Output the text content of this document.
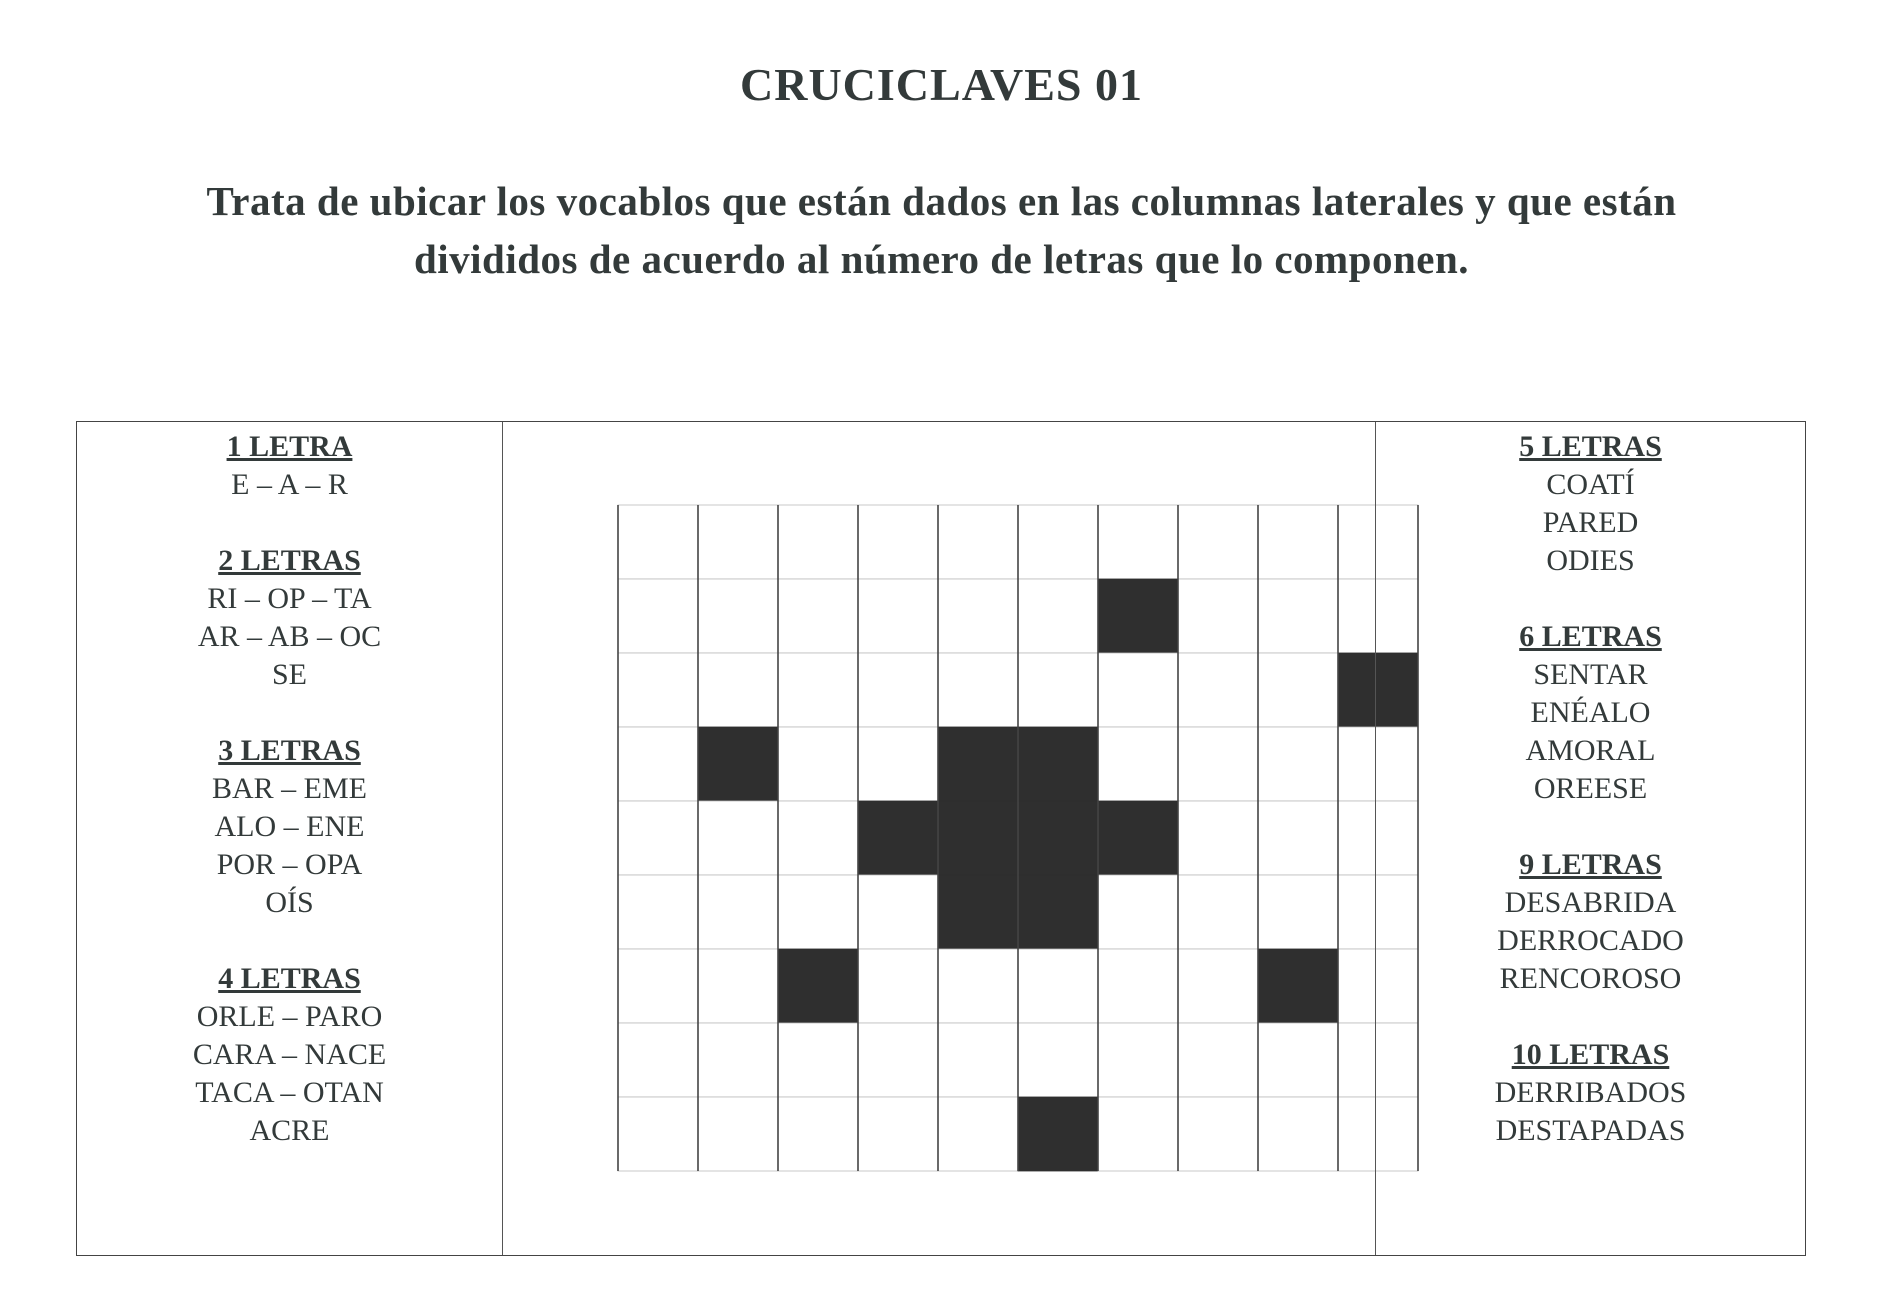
CRUCICLAVES 01
Trata de ubicar los vocablos que están dados en las columnas laterales y que están
divididos de acuerdo al número de letras que lo componen.
1 LETRA
E – A – R
2 LETRAS
RI – OP – TA
AR – AB – OC
SE
3 LETRAS
BAR – EME
ALO – ENE
POR – OPA
OÍS
4 LETRAS
ORLE – PARO
CARA – NACE
TACA – OTAN
ACRE
5 LETRAS
COATÍ
PARED
ODIES
6 LETRAS
SENTAR
ENÉALO
AMORAL
OREESE
9 LETRAS
DESABRIDA
DERROCADO
RENCOROSO
10 LETRAS
DERRIBADOS
DESTAPADAS
